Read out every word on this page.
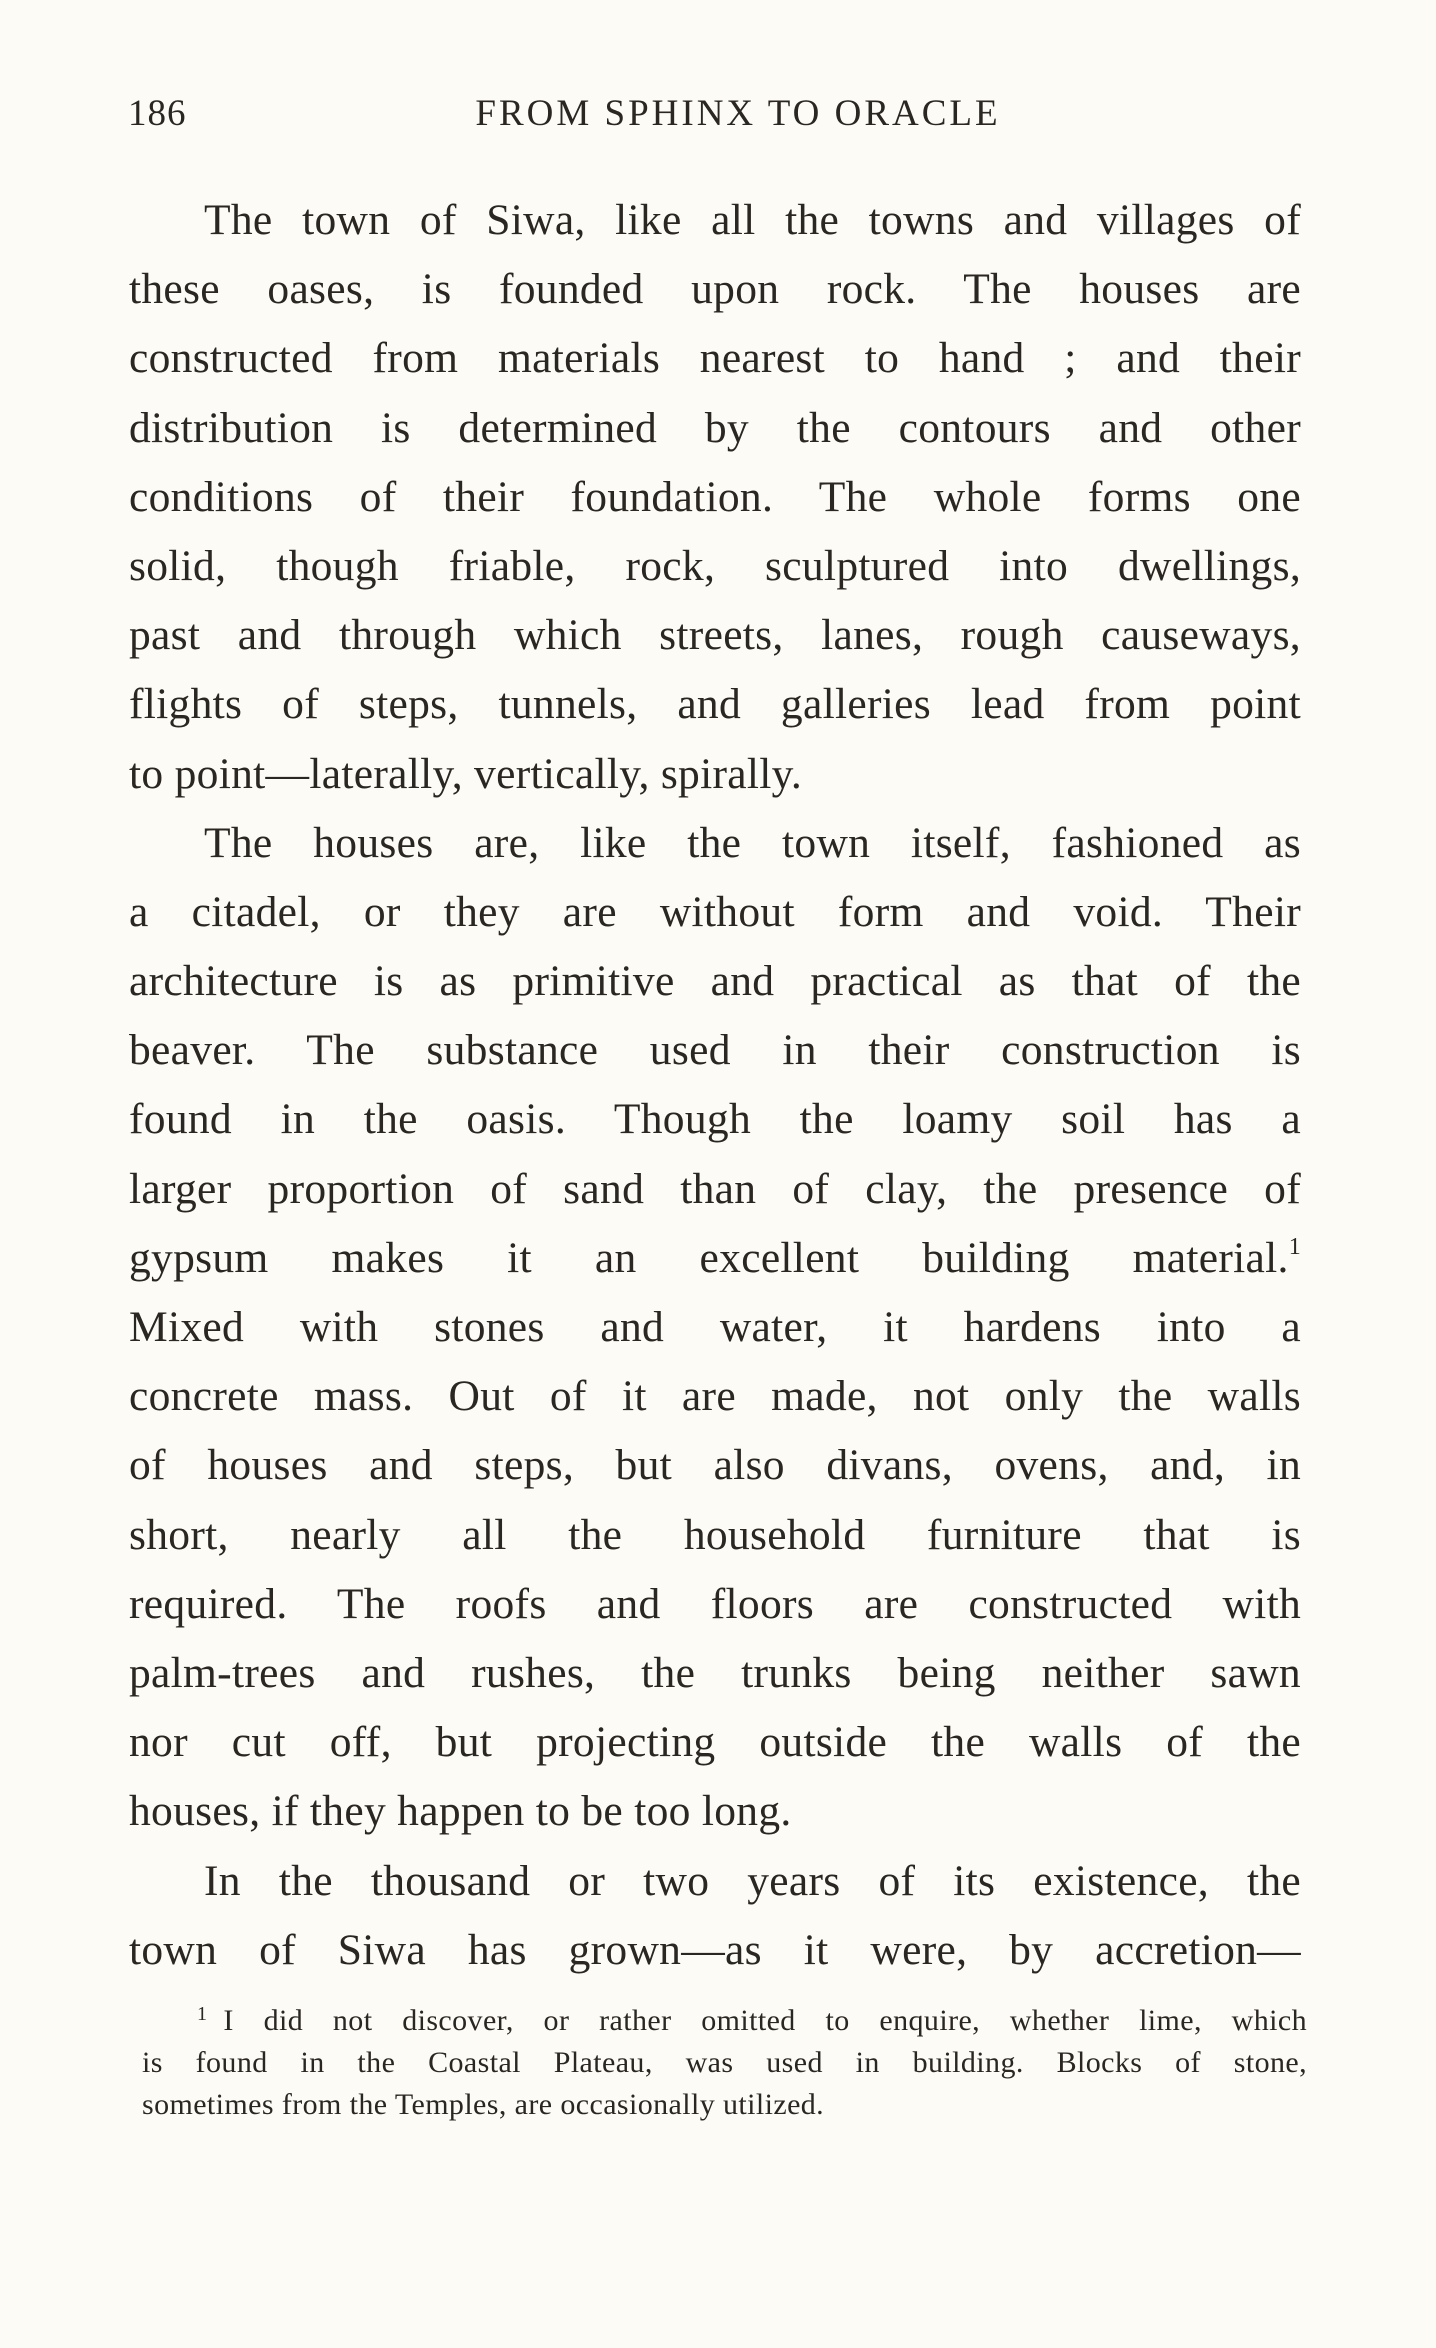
186	FROM SPHINX TO ORACLE
The town of Siwa, like all the towns and villages of
these oases, is founded upon rock. The houses are
constructed from materials nearest to hand ; and their
distribution is determined by the contours and other
conditions of their foundation. The whole forms one
solid, though friable, rock, sculptured into dwellings,
past and through which streets, lanes, rough causeways,
flights of steps, tunnels, and galleries lead from point
to point—laterally, vertically, spirally.
The houses are, like the town itself, fashioned as
a citadel, or they are without form and void. Their
architecture is as primitive and practical as that of the
beaver. The substance used in their construction is
found in the oasis. Though the loamy soil has a
larger proportion of sand than of clay, the presence of
gypsum makes it an excellent building material.$^1$
Mixed with stones and water, it hardens into a
concrete mass. Out of it are made, not only the walls
of houses and steps, but also divans, ovens, and, in
short, nearly all the household furniture that is
required. The roofs and floors are constructed with
palm-trees and rushes, the trunks being neither sawn
nor cut off, but projecting outside the walls of the
houses, if they happen to be too long.
In the thousand or two years of its existence, the
town of Siwa has grown—as it were, by accretion—
$^1$ I did not discover, or rather omitted to enquire, whether lime, which
is found in the Coastal Plateau, was used in building. Blocks of stone,
sometimes from the Temples, are occasionally utilized.
